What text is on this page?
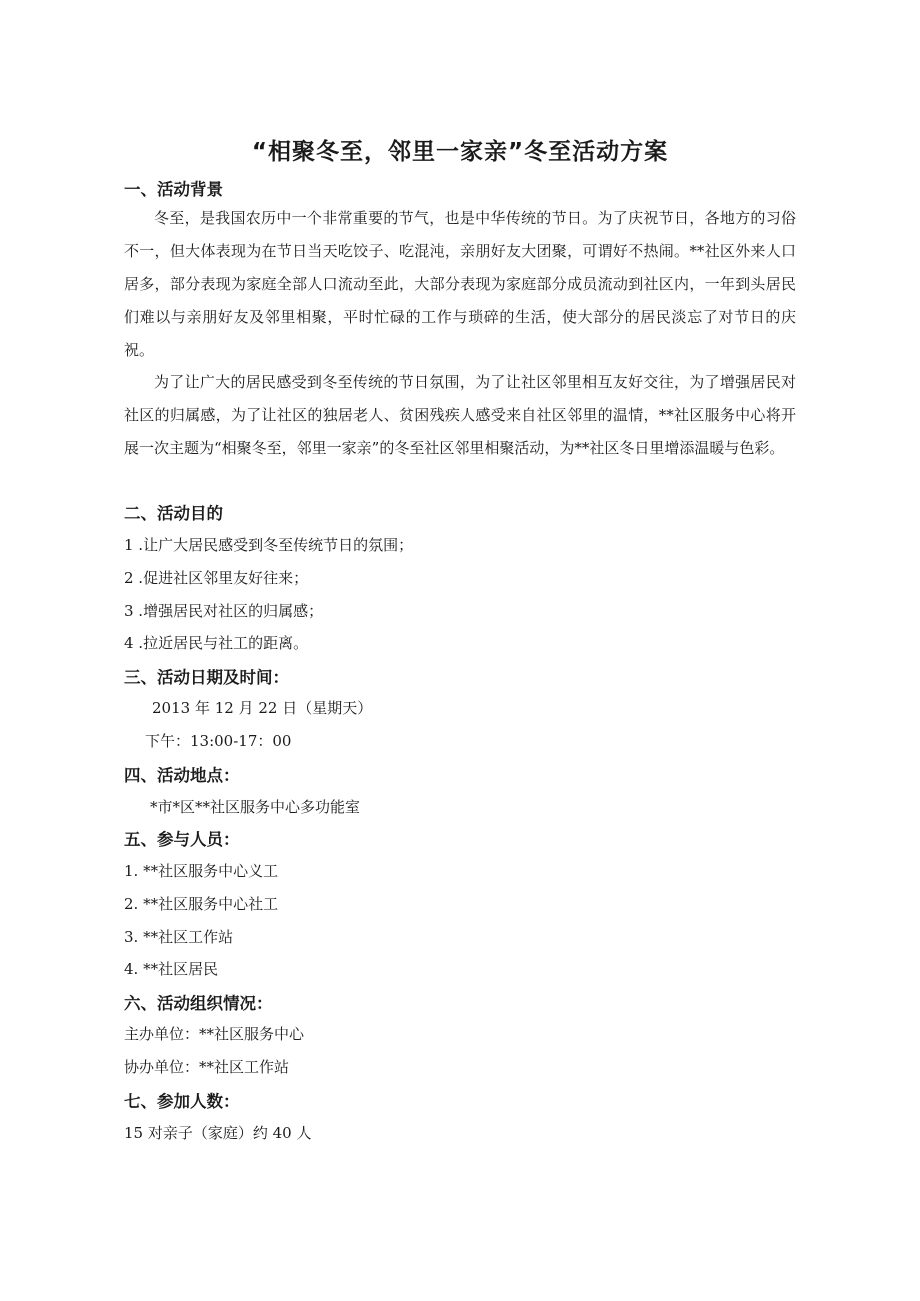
“相聚冬至，邻里一家亲”冬至活动方案
一、活动背景
冬至，是我国农历中一个非常重要的节气，也是中华传统的节日。为了庆祝节日，各地方的习俗不一，但大体表现为在节日当天吃饺子、吃混沌，亲朋好友大团聚，可谓好不热闹。**社区外来人口居多，部分表现为家庭全部人口流动至此，大部分表现为家庭部分成员流动到社区内，一年到头居民们难以与亲朋好友及邻里相聚，平时忙碌的工作与琐碎的生活，使大部分的居民淡忘了对节日的庆祝。
为了让广大的居民感受到冬至传统的节日氛围，为了让社区邻里相互友好交往，为了增强居民对社区的归属感，为了让社区的独居老人、贫困残疾人感受来自社区邻里的温情，**社区服务中心将开展一次主题为“相聚冬至，邻里一家亲”的冬至社区邻里相聚活动，为**社区冬日里增添温暖与色彩。
二、活动目的
1 .让广大居民感受到冬至传统节日的氛围；
2 .促进社区邻里友好往来；
3 .增强居民对社区的归属感；
4 .拉近居民与社工的距离。
三、活动日期及时间：
2013 年 12 月 22 日（星期天）
下午：13:00-17：00
四、活动地点：
*市*区**社区服务中心多功能室
五、参与人员：
1. **社区服务中心义工
2. **社区服务中心社工
3. **社区工作站
4. **社区居民
六、活动组织情况：
主办单位：**社区服务中心
协办单位：**社区工作站
七、参加人数：
15 对亲子（家庭）约 40 人
